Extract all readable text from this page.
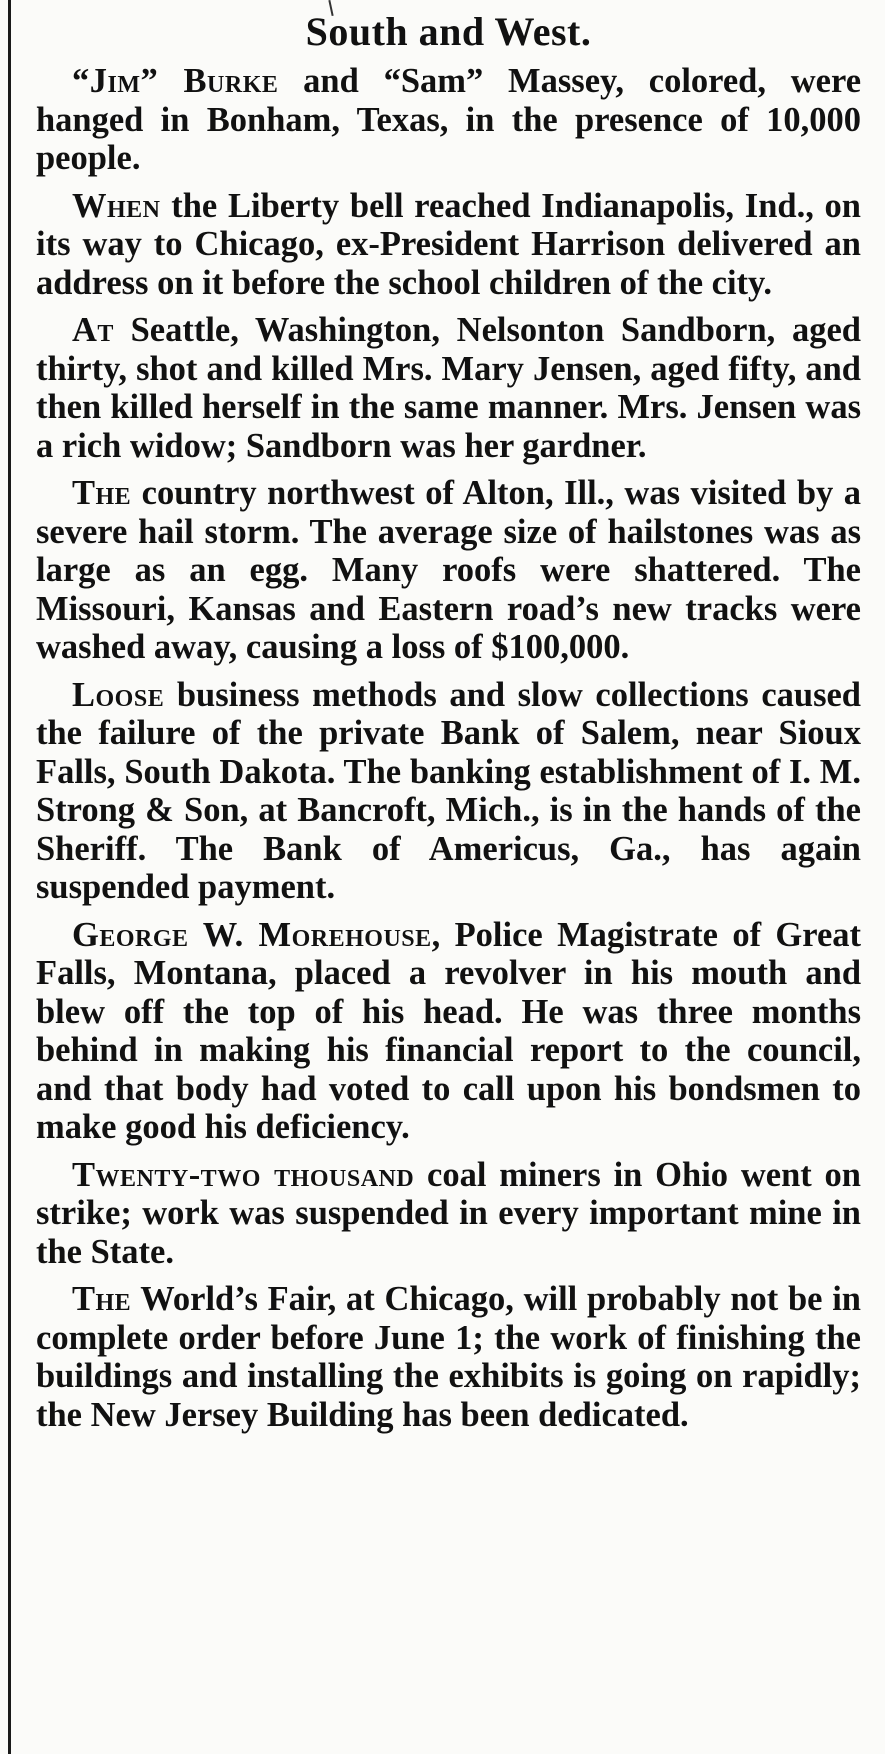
South and West.

“Jim” Burke and “Sam” Massey, colored, were hanged in Bonham, Texas, in the presence of 10,000 people.

When the Liberty bell reached Indianapolis, Ind., on its way to Chicago, ex-President Harrison delivered an address on it before the school children of the city.

At Seattle, Washington, Nelsonton Sandborn, aged thirty, shot and killed Mrs. Mary Jensen, aged fifty, and then killed herself in the same manner. Mrs. Jensen was a rich widow; Sandborn was her gardner.

The country northwest of Alton, Ill., was visited by a severe hail storm. The average size of hailstones was as large as an egg. Many roofs were shattered. The Missouri, Kansas and Eastern road’s new tracks were washed away, causing a loss of $100,000.

Loose business methods and slow collections caused the failure of the private Bank of Salem, near Sioux Falls, South Dakota. The banking establishment of I. M. Strong & Son, at Bancroft, Mich., is in the hands of the Sheriff. The Bank of Americus, Ga., has again suspended payment.

George W. Morehouse, Police Magistrate of Great Falls, Montana, placed a revolver in his mouth and blew off the top of his head. He was three months behind in making his financial report to the council, and that body had voted to call upon his bondsmen to make good his deficiency.

Twenty-two thousand coal miners in Ohio went on strike; work was suspended in every important mine in the State.

The World’s Fair, at Chicago, will probably not be in complete order before June 1; the work of finishing the buildings and installing the exhibits is going on rapidly; the New Jersey Building has been dedicated.
